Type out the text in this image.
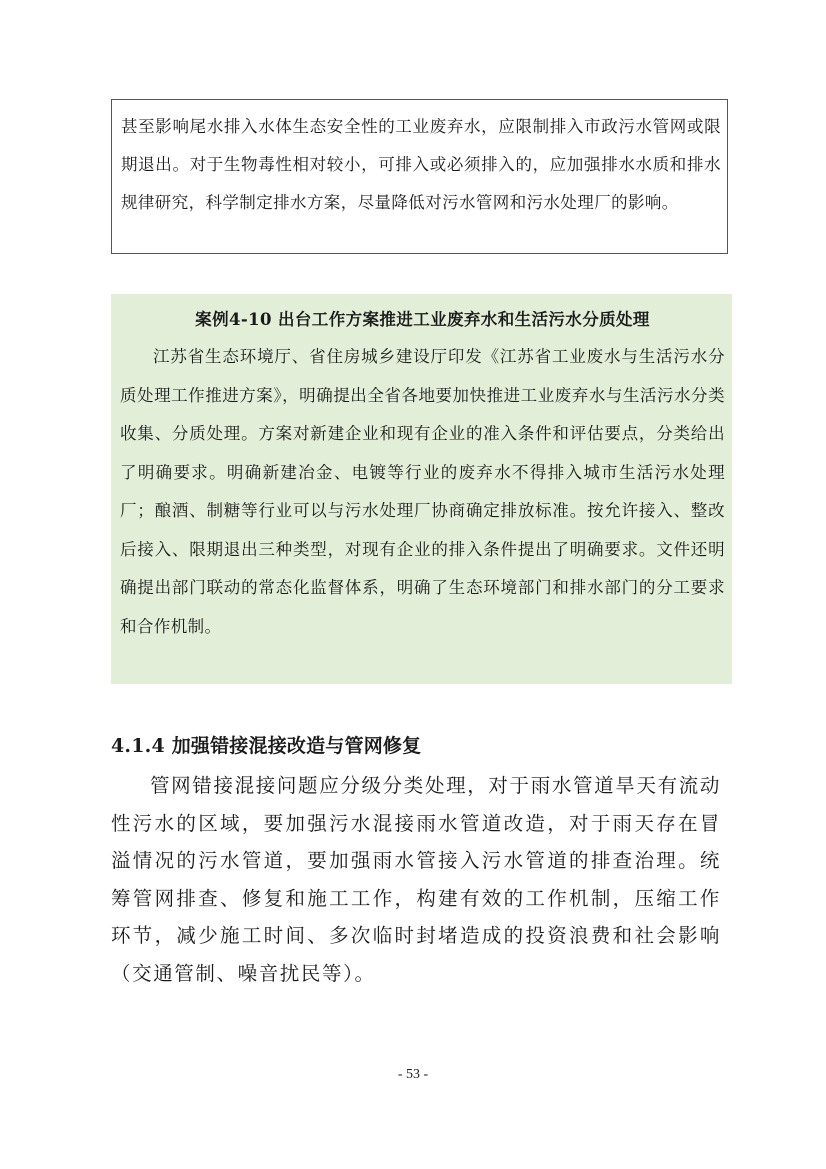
甚至影响尾水排入水体生态安全性的工业废弃水，应限制排入市政污水管网或限期退出。对于生物毒性相对较小，可排入或必须排入的，应加强排水水质和排水规律研究，科学制定排水方案，尽量降低对污水管网和污水处理厂的影响。
案例4-10 出台工作方案推进工业废弃水和生活污水分质处理
江苏省生态环境厅、省住房城乡建设厅印发《江苏省工业废水与生活污水分质处理工作推进方案》，明确提出全省各地要加快推进工业废弃水与生活污水分类收集、分质处理。方案对新建企业和现有企业的准入条件和评估要点，分类给出了明确要求。明确新建冶金、电镀等行业的废弃水不得排入城市生活污水处理厂；酿酒、制糖等行业可以与污水处理厂协商确定排放标准。按允许接入、整改后接入、限期退出三种类型，对现有企业的排入条件提出了明确要求。文件还明确提出部门联动的常态化监督体系，明确了生态环境部门和排水部门的分工要求和合作机制。
4.1.4 加强错接混接改造与管网修复
管网错接混接问题应分级分类处理，对于雨水管道旱天有流动性污水的区域，要加强污水混接雨水管道改造，对于雨天存在冒溢情况的污水管道，要加强雨水管接入污水管道的排查治理。统筹管网排查、修复和施工工作，构建有效的工作机制，压缩工作环节，减少施工时间、多次临时封堵造成的投资浪费和社会影响（交通管制、噪音扰民等）。
- 53 -
